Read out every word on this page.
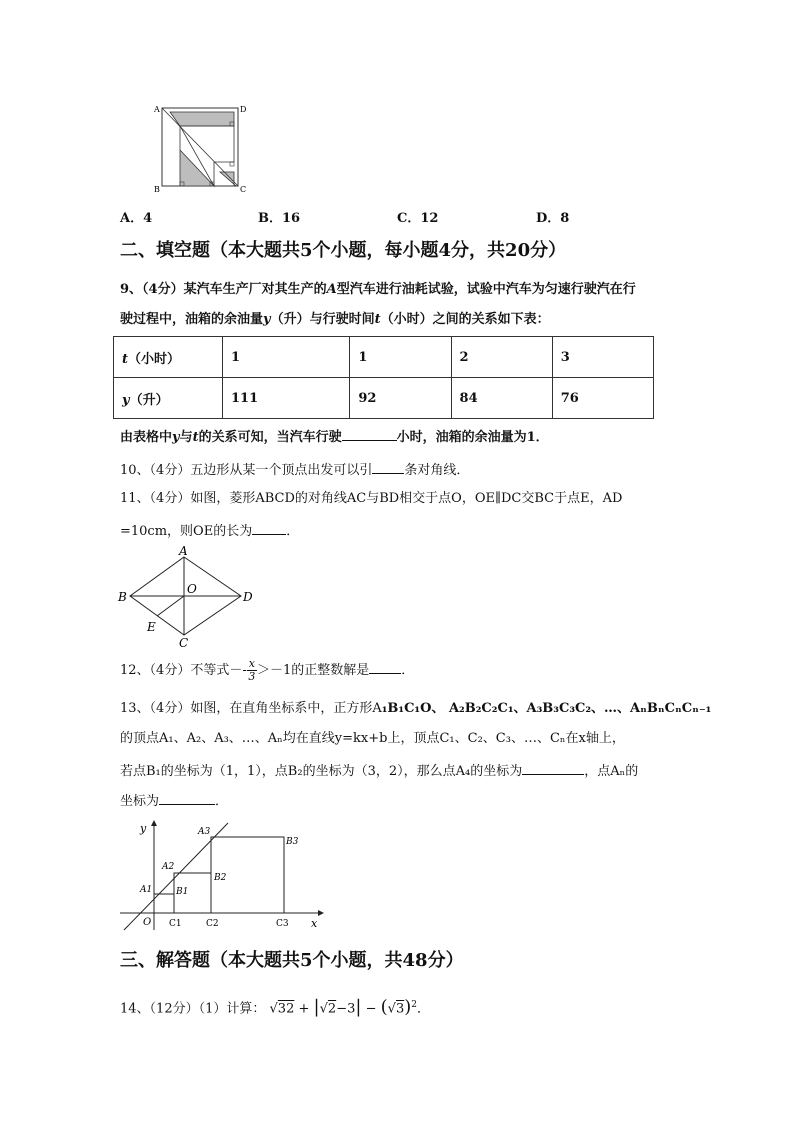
A	D
B	C
A．4	B．16	C．12	D．8
二、填空题（本大题共5个小题，每小题4分，共20分）
9、（4分）某汽车生产厂对其生产的A型汽车进行油耗试验，试验中汽车为匀速行驶汽在行
驶过程中，油箱的余油量y（升）与行驶时间t（小时）之间的关系如下表：
t（小时）	1	1	2	3
y（升）	111	92	84	76
由表格中y与t的关系可知，当汽车行驶	小时，油箱的余油量为1．
10、（4分）五边形从某一个顶点出发可以引 条对角线．
11、（4分）如图，菱形ABCD的对角线AC与BD相交于点O，OE∥DC交BC于点E，AD
=10cm，则OE的长为	．
A
B	D
C
O
E
12、（4分）不等式－- $\frac{x}{3} >-1$的正整数解是 ．
13、（4分）如图，在直角坐标系中，正方形A₁B₁C₁O、 A₂B₂C₂C₁、A₃B₃C₃C₂、…、AₙBₙCₙCₙ₋₁
的顶点A₁、A₂、A₃、…、Aₙ均在直线y=kx+b上，顶点C₁、C₂、C₃、…、Cₙ在x轴上，
若点B₁的坐标为（1，1），点B₂的坐标为（3，2），那么点A₄的坐标为	，点Aₙ的
坐标为	．
y
x
O
A1
A2
A3
B1
B2
B3
C1	C2	C3
三、解答题（本大题共5个小题，共48分）
14、（12分）（1）计算： $√32 + |√2-3| - (√3)^2$．
